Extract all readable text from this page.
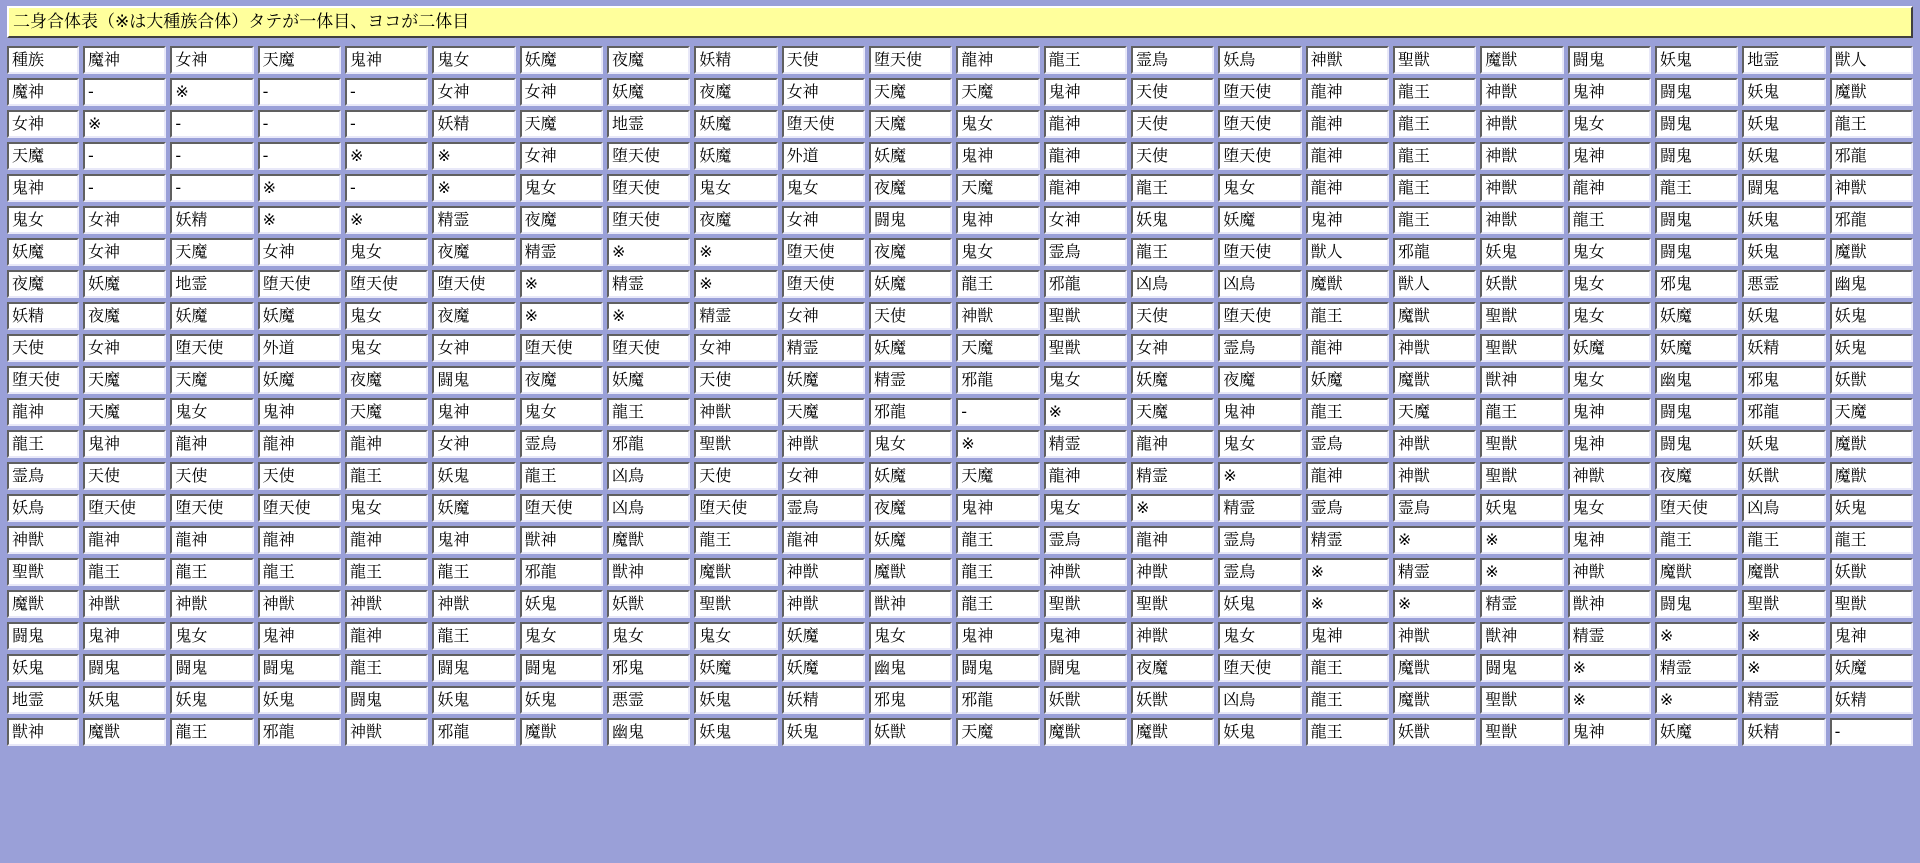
二身合体表（※は大種族合体）タテが一体目、ヨコが二体目
種族	魔神	女神	天魔	鬼神	鬼女	妖魔	夜魔	妖精	天使	堕天使	龍神	龍王	霊鳥	妖鳥	神獣	聖獣	魔獣	闘鬼	妖鬼	地霊	獣人
魔神	-	※	-	-	女神	女神	妖魔	夜魔	女神	天魔	天魔	鬼神	天使	堕天使	龍神	龍王	神獣	鬼神	闘鬼	妖鬼	魔獣
女神	※	-	-	-	妖精	天魔	地霊	妖魔	堕天使	天魔	鬼女	龍神	天使	堕天使	龍神	龍王	神獣	鬼女	闘鬼	妖鬼	龍王
天魔	-	-	-	※	※	女神	堕天使	妖魔	外道	妖魔	鬼神	龍神	天使	堕天使	龍神	龍王	神獣	鬼神	闘鬼	妖鬼	邪龍
鬼神	-	-	※	-	※	鬼女	堕天使	鬼女	鬼女	夜魔	天魔	龍神	龍王	鬼女	龍神	龍王	神獣	龍神	龍王	闘鬼	神獣
鬼女	女神	妖精	※	※	精霊	夜魔	堕天使	夜魔	女神	闘鬼	鬼神	女神	妖鬼	妖魔	鬼神	龍王	神獣	龍王	闘鬼	妖鬼	邪龍
妖魔	女神	天魔	女神	鬼女	夜魔	精霊	※	※	堕天使	夜魔	鬼女	霊鳥	龍王	堕天使	獣人	邪龍	妖鬼	鬼女	闘鬼	妖鬼	魔獣
夜魔	妖魔	地霊	堕天使	堕天使	堕天使	※	精霊	※	堕天使	妖魔	龍王	邪龍	凶鳥	凶鳥	魔獣	獣人	妖獣	鬼女	邪鬼	悪霊	幽鬼
妖精	夜魔	妖魔	妖魔	鬼女	夜魔	※	※	精霊	女神	天使	神獣	聖獣	天使	堕天使	龍王	魔獣	聖獣	鬼女	妖魔	妖鬼	妖鬼
天使	女神	堕天使	外道	鬼女	女神	堕天使	堕天使	女神	精霊	妖魔	天魔	聖獣	女神	霊鳥	龍神	神獣	聖獣	妖魔	妖魔	妖精	妖鬼
堕天使	天魔	天魔	妖魔	夜魔	闘鬼	夜魔	妖魔	天使	妖魔	精霊	邪龍	鬼女	妖魔	夜魔	妖魔	魔獣	獣神	鬼女	幽鬼	邪鬼	妖獣
龍神	天魔	鬼女	鬼神	天魔	鬼神	鬼女	龍王	神獣	天魔	邪龍	-	※	天魔	鬼神	龍王	天魔	龍王	鬼神	闘鬼	邪龍	天魔
龍王	鬼神	龍神	龍神	龍神	女神	霊鳥	邪龍	聖獣	神獣	鬼女	※	精霊	龍神	鬼女	霊鳥	神獣	聖獣	鬼神	闘鬼	妖鬼	魔獣
霊鳥	天使	天使	天使	龍王	妖鬼	龍王	凶鳥	天使	女神	妖魔	天魔	龍神	精霊	※	龍神	神獣	聖獣	神獣	夜魔	妖獣	魔獣
妖鳥	堕天使	堕天使	堕天使	鬼女	妖魔	堕天使	凶鳥	堕天使	霊鳥	夜魔	鬼神	鬼女	※	精霊	霊鳥	霊鳥	妖鬼	鬼女	堕天使	凶鳥	妖鬼
神獣	龍神	龍神	龍神	龍神	鬼神	獣神	魔獣	龍王	龍神	妖魔	龍王	霊鳥	龍神	霊鳥	精霊	※	※	鬼神	龍王	龍王	龍王
聖獣	龍王	龍王	龍王	龍王	龍王	邪龍	獣神	魔獣	神獣	魔獣	龍王	神獣	神獣	霊鳥	※	精霊	※	神獣	魔獣	魔獣	妖獣
魔獣	神獣	神獣	神獣	神獣	神獣	妖鬼	妖獣	聖獣	神獣	獣神	龍王	聖獣	聖獣	妖鬼	※	※	精霊	獣神	闘鬼	聖獣	聖獣
闘鬼	鬼神	鬼女	鬼神	龍神	龍王	鬼女	鬼女	鬼女	妖魔	鬼女	鬼神	鬼神	神獣	鬼女	鬼神	神獣	獣神	精霊	※	※	鬼神
妖鬼	闘鬼	闘鬼	闘鬼	龍王	闘鬼	闘鬼	邪鬼	妖魔	妖魔	幽鬼	闘鬼	闘鬼	夜魔	堕天使	龍王	魔獣	闘鬼	※	精霊	※	妖魔
地霊	妖鬼	妖鬼	妖鬼	闘鬼	妖鬼	妖鬼	悪霊	妖鬼	妖精	邪鬼	邪龍	妖獣	妖獣	凶鳥	龍王	魔獣	聖獣	※	※	精霊	妖精
獣神	魔獣	龍王	邪龍	神獣	邪龍	魔獣	幽鬼	妖鬼	妖鬼	妖獣	天魔	魔獣	魔獣	妖鬼	龍王	妖獣	聖獣	鬼神	妖魔	妖精	-
